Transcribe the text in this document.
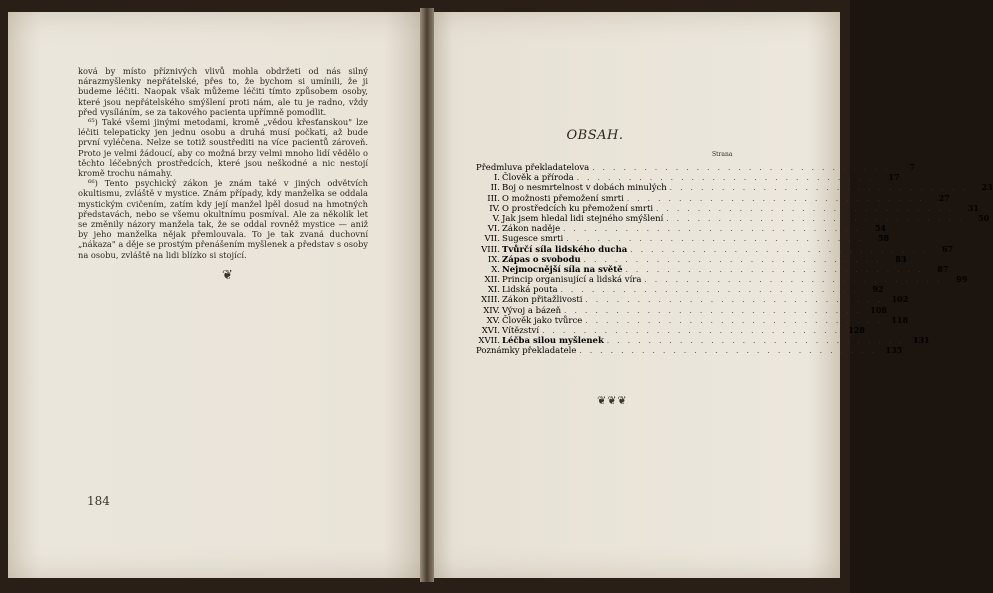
ková by místo příznivých vlivů mohla obdržeti od nás silný nárazmyšlenky nepřátelské, přes to, že bychom si umínili, že ji budeme léčiti. Naopak však můžeme léčiti tímto způsobem osoby, které jsou nepřátelského smýšlení proti nám, ale tu je radno, vždy před vysíláním, se za takového pacienta upřímně pomodlit.

⁶⁵) Také všemi jinými metodami, kromě „vědou křesťanskou" lze léčiti telepaticky jen jednu osobu a druhá musí počkati, až bude první vyléčena. Nelze se totiž soustřediti na více pacientů zároveň. Proto je velmi žádoucí, aby co možná brzy velmi mnoho lidí vědělo o těchto léčebných prostředcích, které jsou neškodné a nic nestojí kromě trochu námahy.

⁶⁶) Tento psychický zákon je znám také v jiných odvětvích okultismu, zvláště v mystice. Znám případy, kdy manželka se oddala mystickým cvičením, zatím kdy její manžel lpěl dosud na hmotných představách, nebo se všemu okultnímu posmíval. Ale za několik let se změnily názory manžela tak, že se oddal rovněž mystice — aniž by jeho manželka nějak přemlouvala. To je tak zvaná duchovní „nákaza" a děje se prostým přenášením myšlenek a představ s osoby na osobu, zvláště na lidi blízko si stojící.

❦
184
OBSAH.
Strana
Předmluva překladatelova . . . . . . . . . . . . . . . . . . . . . . . . . . . . .	7
I. Člověk a příroda . . . . . . . . . . . . . . . . . . . . . . . . . . . . .	17
II. Boj o nesmrtelnost v dobách minulých . . . . . . . . . . . . . . . . . . . . . . . . . . . . .	23
III. O možnosti přemožení smrti . . . . . . . . . . . . . . . . . . . . . . . . . . . . .	27
IV. O prostředcích ku přemožení smrti . . . . . . . . . . . . . . . . . . . . . . . . . . . . .	31
V. Jak jsem hledal lidi stejného smýšlení . . . . . . . . . . . . . . . . . . . . . . . . . . . . .	50
VI. Zákon naděje . . . . . . . . . . . . . . . . . . . . . . . . . . . . .	54
VII. Sugesce smrti . . . . . . . . . . . . . . . . . . . . . . . . . . . . .	58
VIII. Tvůrčí síla lidského ducha . . . . . . . . . . . . . . . . . . . . . . . . . . . . .	67
IX. Zápas o svobodu . . . . . . . . . . . . . . . . . . . . . . . . . . . . .	83
X. Nejmocnější síla na světě . . . . . . . . . . . . . . . . . . . . . . . . . . . . .	87
XII. Princip organisující a lidská víra . . . . . . . . . . . . . . . . . . . . . . . . . . . . .	99
XI. Lidská pouta . . . . . . . . . . . . . . . . . . . . . . . . . . . . .	92
XIII. Zákon přitažlivosti . . . . . . . . . . . . . . . . . . . . . . . . . . . . .	102
XIV. Vývoj a bázeň . . . . . . . . . . . . . . . . . . . . . . . . . . . . .	108
XV. Člověk jako tvůrce . . . . . . . . . . . . . . . . . . . . . . . . . . . . .	118
XVI. Vítězství . . . . . . . . . . . . . . . . . . . . . . . . . . . . .	128
XVII. Léčba silou myšlenek . . . . . . . . . . . . . . . . . . . . . . . . . . . . .	131
Poznámky překladatele . . . . . . . . . . . . . . . . . . . . . . . . . . . . .	135
❦❦❦
